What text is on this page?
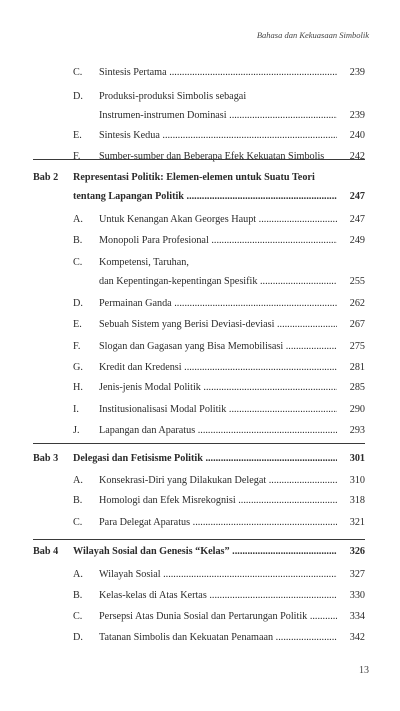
Bahasa dan Kekuasaan Simbolik
C. Sintesis Pertama .....	239
D. Produksi-produksi Simbolis sebagai
Instrumen-instrumen Dominasi .....	239
E. Sintesis Kedua .....	240
F. Sumber-sumber dan Beberapa Efek Kekuatan Simbolis	242
Bab 2 Representasi Politik: Elemen-elemen untuk Suatu Teori
tentang Lapangan Politik .....	247
A. Untuk Kenangan Akan Georges Haupt .....	247
B. Monopoli Para Profesional .....	249
C. Kompetensi, Taruhan,
dan Kepentingan-kepentingan Spesifik .....	255
D. Permainan Ganda .....	262
E. Sebuah Sistem yang Berisi Deviasi-deviasi .....	267
F. Slogan dan Gagasan yang Bisa Memobilisasi .....	275
G. Kredit dan Kredensi .....	281
H. Jenis-jenis Modal Politik .....	285
I. Institusionalisasi Modal Politik .....	290
J. Lapangan dan Aparatus .....	293
Bab 3 Delegasi dan Fetisisme Politik .....	301
A. Konsekrasi-Diri yang Dilakukan Delegat .....	310
B. Homologi dan Efek Misrekognisi .....	318
C. Para Delegat Aparatus .....	321
Bab 4 Wilayah Sosial dan Genesis “Kelas” .....	326
A. Wilayah Sosial .....	327
B. Kelas-kelas di Atas Kertas .....	330
C. Persepsi Atas Dunia Sosial dan Pertarungan Politik .....	334
D. Tatanan Simbolis dan Kekuatan Penamaan .....	342
13
